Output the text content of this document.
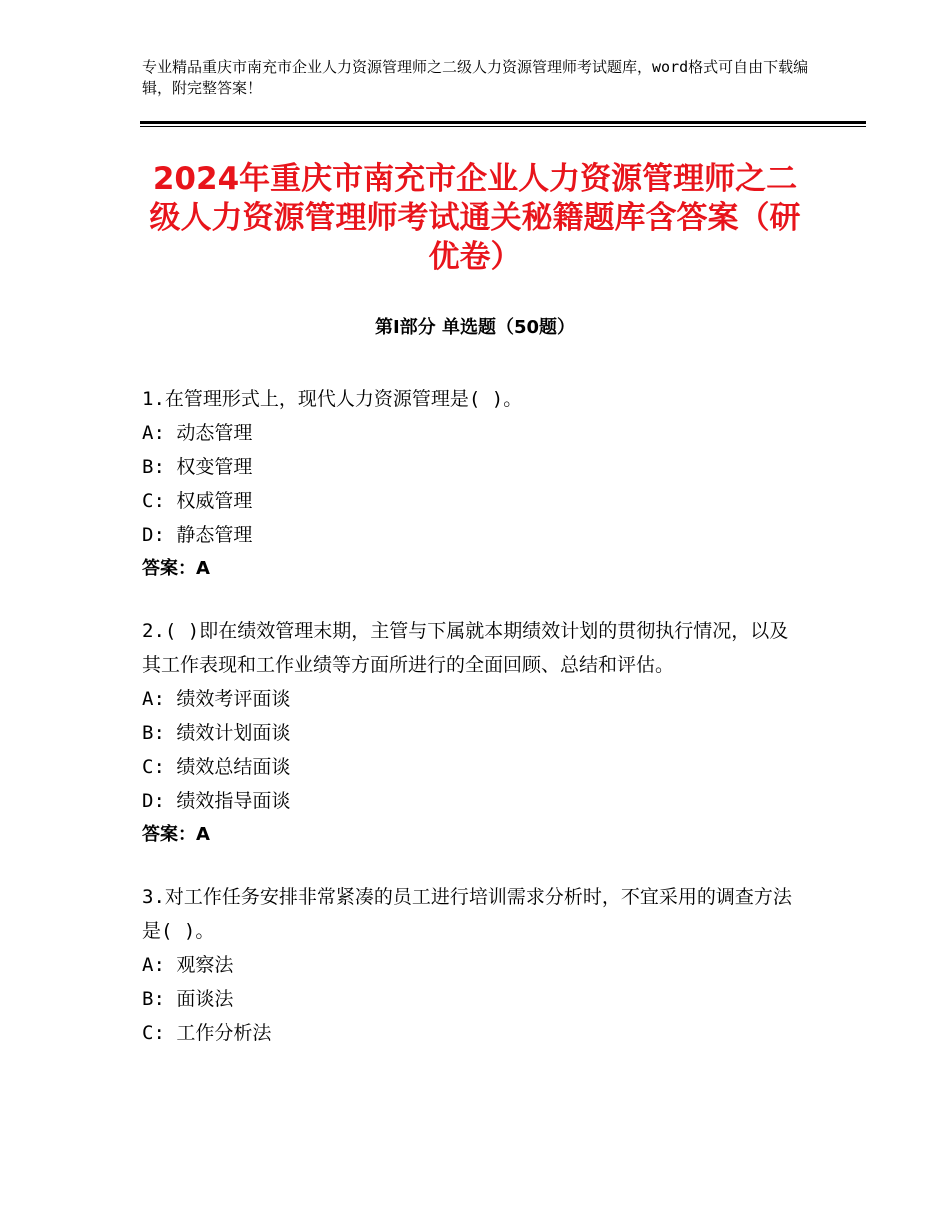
专业精品重庆市南充市企业人力资源管理师之二级人力资源管理师考试题库，word格式可自由下载编辑，附完整答案！
2024年重庆市南充市企业人力资源管理师之二级人力资源管理师考试通关秘籍题库含答案（研优卷）
第Ⅰ部分 单选题（50题）
1.在管理形式上，现代人力资源管理是( )。
A: 动态管理
B: 权变管理
C: 权威管理
D: 静态管理
答案：A
2.( )即在绩效管理末期，主管与下属就本期绩效计划的贯彻执行情况，以及其工作表现和工作业绩等方面所进行的全面回顾、总结和评估。
A: 绩效考评面谈
B: 绩效计划面谈
C: 绩效总结面谈
D: 绩效指导面谈
答案：A
3.对工作任务安排非常紧凑的员工进行培训需求分析时，不宜采用的调查方法是( )。
A: 观察法
B: 面谈法
C: 工作分析法
